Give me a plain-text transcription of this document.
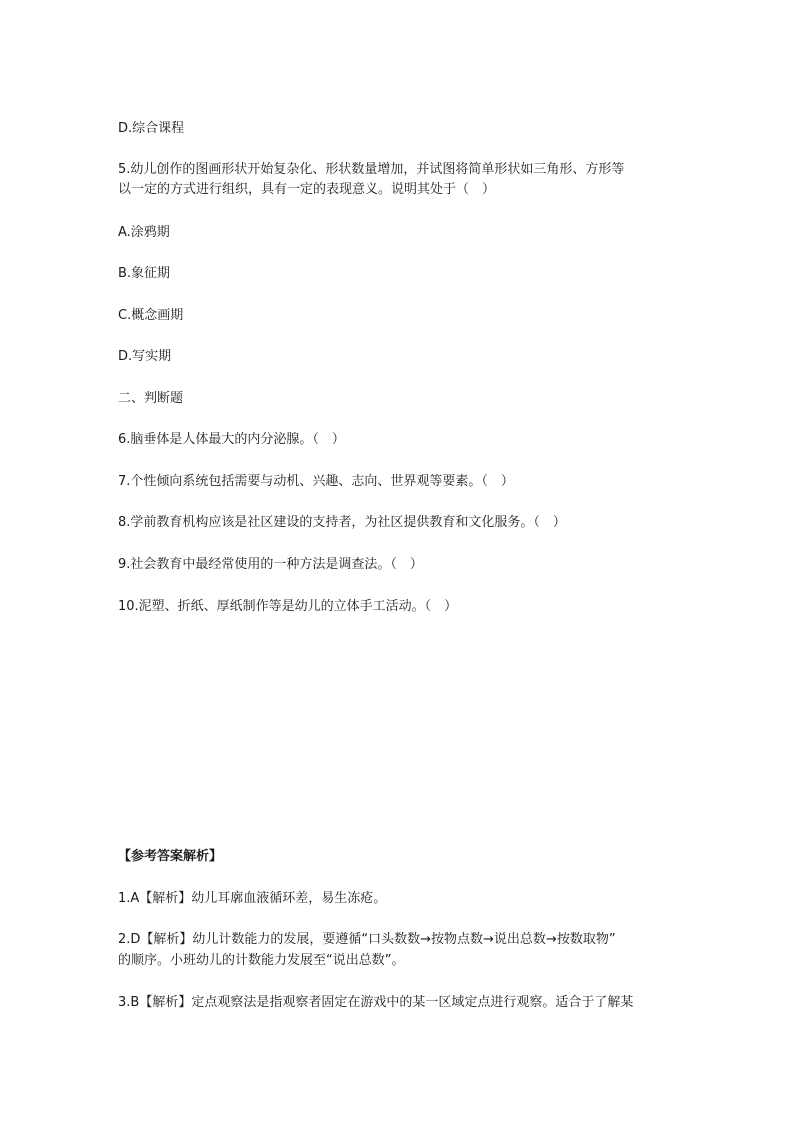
D.综合课程
5.幼儿创作的图画形状开始复杂化、形状数量增加，并试图将简单形状如三角形、方形等
以一定的方式进行组织，具有一定的表现意义。说明其处于（　）
A.涂鸦期
B.象征期
C.概念画期
D.写实期
二、判断题
6.脑垂体是人体最大的内分泌腺。（　）
7.个性倾向系统包括需要与动机、兴趣、志向、世界观等要素。（　）
8.学前教育机构应该是社区建设的支持者，为社区提供教育和文化服务。（　）
9.社会教育中最经常使用的一种方法是调查法。（　）
10.泥塑、折纸、厚纸制作等是幼儿的立体手工活动。（　）
【参考答案解析】
1.A【解析】幼儿耳廓血液循环差，易生冻疮。
2.D【解析】幼儿计数能力的发展，要遵循“口头数数→按物点数→说出总数→按数取物”
的顺序。小班幼儿的计数能力发展至“说出总数”。
3.B【解析】定点观察法是指观察者固定在游戏中的某一区域定点进行观察。适合于了解某
